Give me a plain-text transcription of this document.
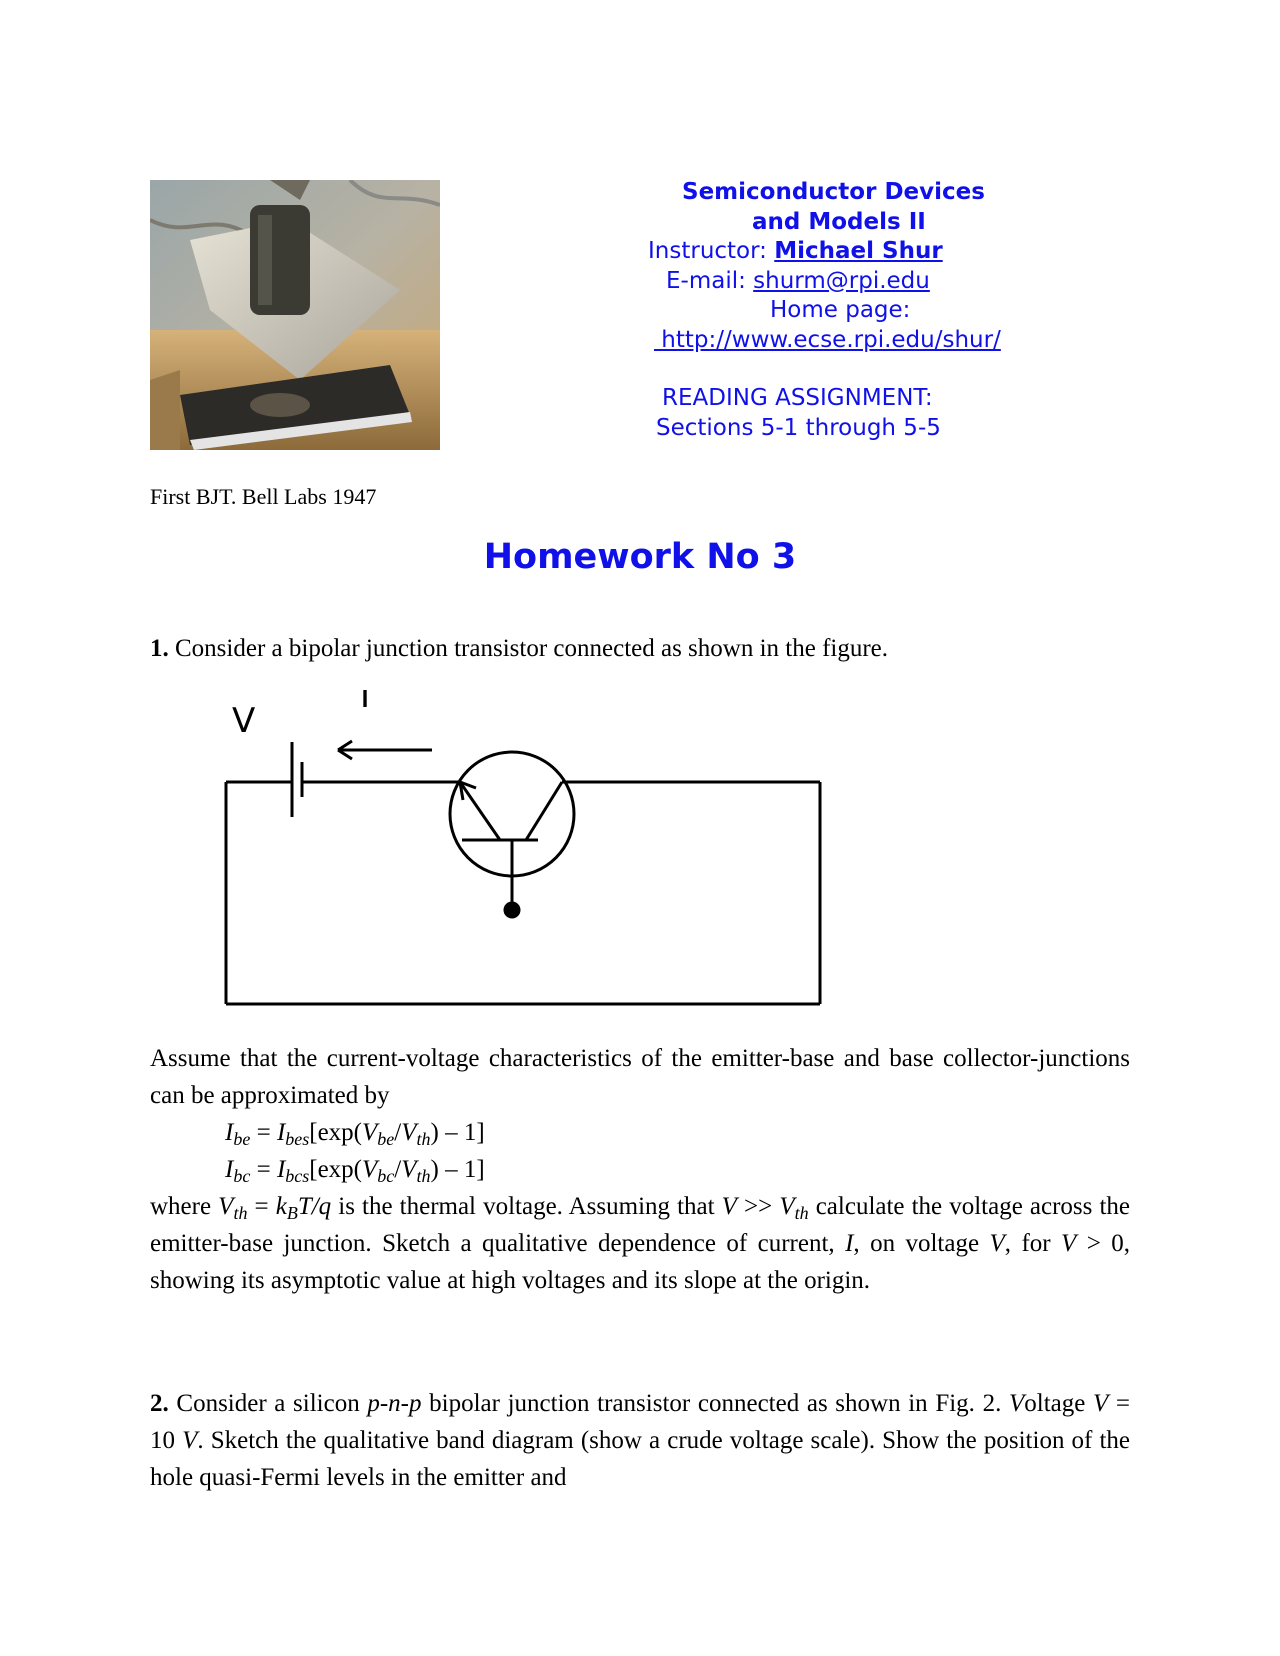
First BJT. Bell Labs 1947
Semiconductor Devices
and Models II
Instructor: Michael Shur
E-mail: shurm@rpi.edu
Home page:
http://www.ecse.rpi.edu/shur/
READING ASSIGNMENT:
Sections 5-1 through 5-5
Homework No 3
1. Consider a bipolar junction transistor connected as shown in the figure.
V
I
Assume that the current-voltage characteristics of the emitter-base and base collector-junctions can be approximated by
$I_{be} = I_{bes}[\exp(V_{be}/V_{th}) - 1]$
$I_{bc} = I_{bcs}[\exp(V_{bc}/V_{th}) - 1]$
where $V_{th} = k_BT/q$ is the thermal voltage. Assuming that $V >> V_{th}$ calculate the voltage across the emitter-base junction. Sketch a qualitative dependence of current, I, on voltage V, for V > 0, showing its asymptotic value at high voltages and its slope at the origin.
2. Consider a silicon p-n-p bipolar junction transistor connected as shown in Fig. 2. Voltage V = 10 V. Sketch the qualitative band diagram (show a crude voltage scale). Show the position of the hole quasi-Fermi levels in the emitter and
